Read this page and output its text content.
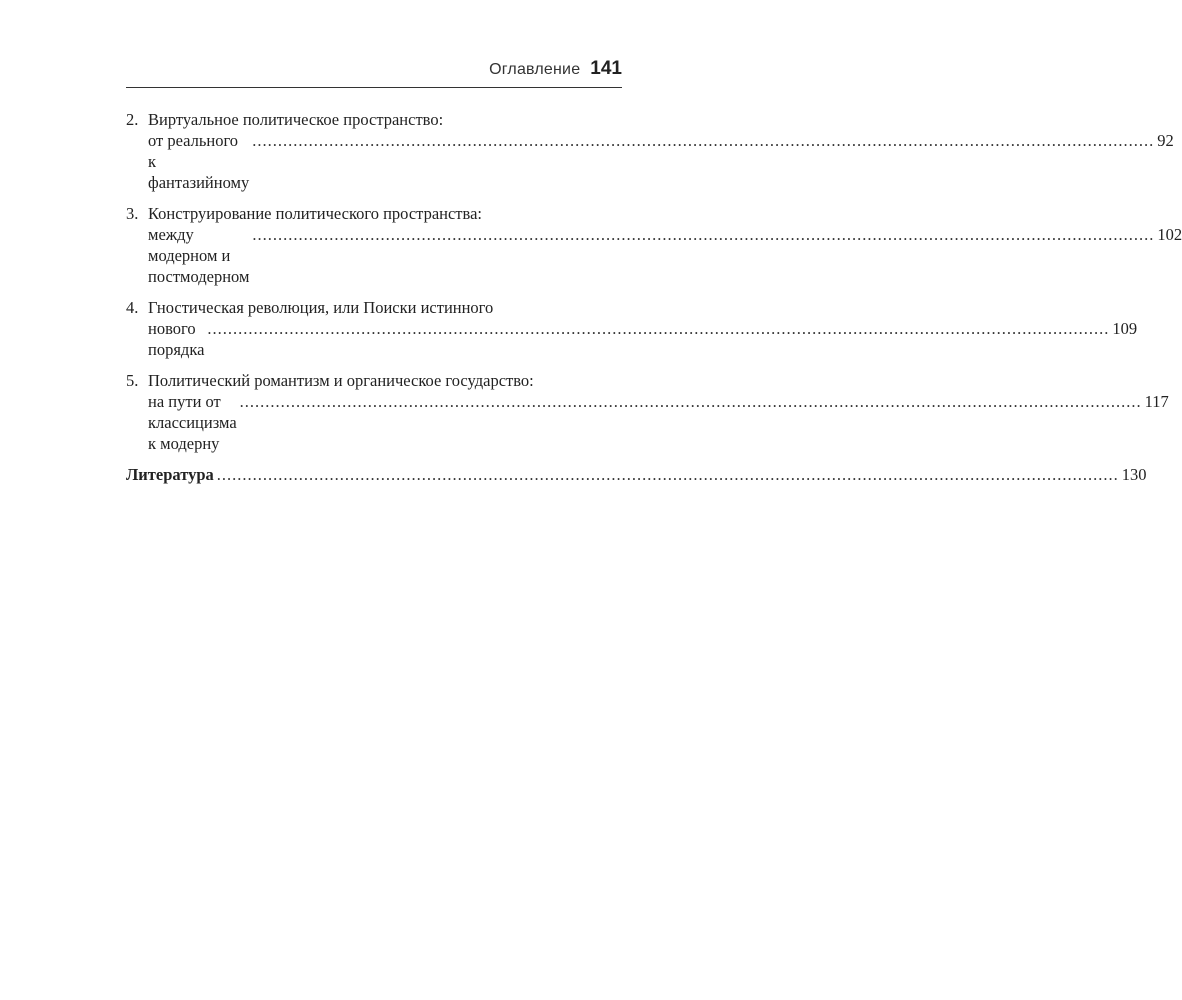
Оглавление 141
2. Виртуальное политическое пространство:
от реального к фантазийному
.....
92
3. Конструирование политического пространства:
между модерном и постмодерном
.....
102
4. Гностическая революция, или Поиски истинного
нового порядка
.....
109
5. Политический романтизм и органическое государство:
на пути от классицизма к модерну
.....
117
Литература
.....	130
